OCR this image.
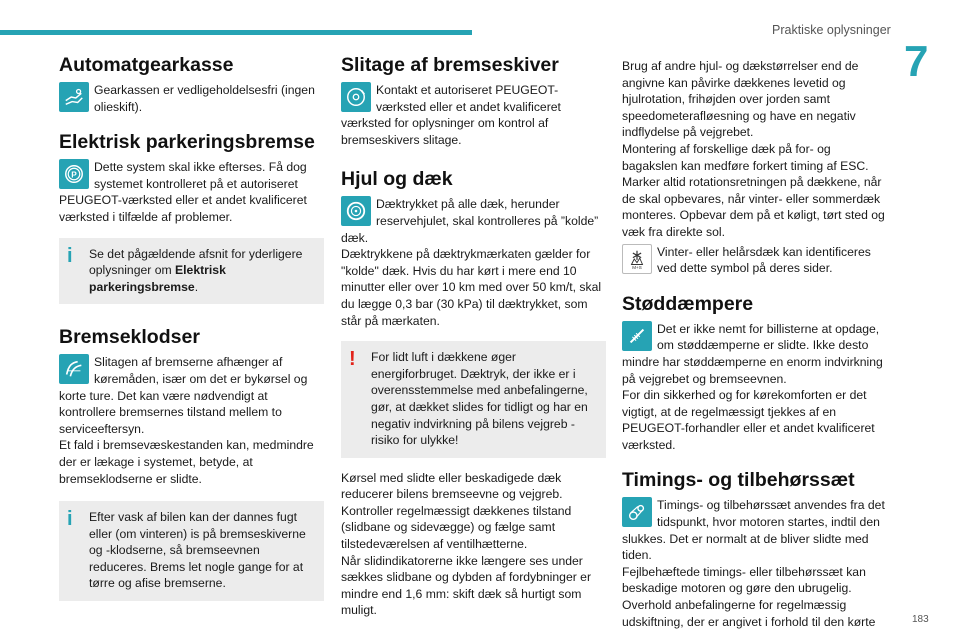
Praktiske oplysninger
7
Automatgearkasse
Gearkassen er vedligeholdelsesfri (ingen olieskift).
Elektrisk parkeringsbremse
P
Dette system skal ikke efterses. Få dog systemet kontrolleret på et autoriseret PEUGEOT-værksted eller et andet kvalificeret værksted i tilfælde af problemer.
i Se det pågældende afsnit for yderligere oplysninger om Elektrisk parkeringsbremse.
Bremseklodser
Slitagen af bremserne afhænger af køremåden, især om det er bykørsel og korte ture. Det kan være nødvendigt at kontrollere bremsernes tilstand mellem to serviceeftersyn.
Et fald i bremsevæskestanden kan, medmindre der er lækage i systemet, betyde, at bremseklodserne er slidte.
i Efter vask af bilen kan der dannes fugt eller (om vinteren) is på bremseskiverne og -klodserne, så bremseevnen reduceres. Brems let nogle gange for at tørre og afise bremserne.
Slitage af bremseskiver
Kontakt et autoriseret PEUGEOT-værksted eller et andet kvalificeret værksted for oplysninger om kontrol af bremseskivers slitage.
Hjul og dæk
Dæktrykket på alle dæk, herunder reservehjulet, skal kontrolleres på ”kolde” dæk.
Dæktrykkene på dæktrykmærkaten gælder for "kolde" dæk. Hvis du har kørt i mere end 10 minutter eller over 10 km med over 50 km/t, skal du lægge 0,3 bar (30 kPa) til dæktrykket, som står på mærkaten.
! For lidt luft i dækkene øger energiforbruget. Dæktryk, der ikke er i overensstemmelse med anbefalingerne, gør, at dækket slides for tidligt og har en negativ indvirkning på bilens vejgreb - risiko for ulykke!
Kørsel med slidte eller beskadigede dæk reducerer bilens bremseevne og vejgreb. Kontroller regelmæssigt dækkenes tilstand (slidbane og sidevægge) og fælge samt tilstedeværelsen af ventilhætterne.
Når slidindikatorerne ikke længere ses under sækkes slidbane og dybden af fordybninger er mindre end 1,6 mm: skift dæk så hurtigt som muligt.
Brug af andre hjul- og dækstørrelser end de angivne kan påvirke dækkenes levetid og hjulrotation, frihøjden over jorden samt speedometerafløesning og have en negativ indflydelse på vejgrebet.
Montering af forskellige dæk på for- og bagakslen kan medføre forkert timing af ESC.
Marker altid rotationsretningen på dækkene, når de skal opbevares, når vinter- eller sommerdæk monteres. Opbevar dem på et køligt, tørt sted og væk fra direkte sol.
M+S
Vinter- eller helårsdæk kan identificeres ved dette symbol på deres sider.
Støddæmpere
Det er ikke nemt for billisterne at opdage, om støddæmperne er slidte. Ikke desto mindre har støddæmperne en enorm indvirkning på vejgrebet og bremseevnen.
For din sikkerhed og for kørekomforten er det vigtigt, at de regelmæssigt tjekkes af en PEUGEOT-forhandler eller et andet kvalificeret værksted.
Timings- og tilbehørssæt
Timings- og tilbehørssæt anvendes fra det tidspunkt, hvor motoren startes, indtil den slukkes. Det er normalt at de bliver slidte med tiden.
Fejlbehæftede timings- eller tilbehørssæt kan beskadige motoren og gøre den ubrugelig.
Overhold anbefalingerne for regelmæssig udskiftning, der er angivet i forhold til den kørte	183
